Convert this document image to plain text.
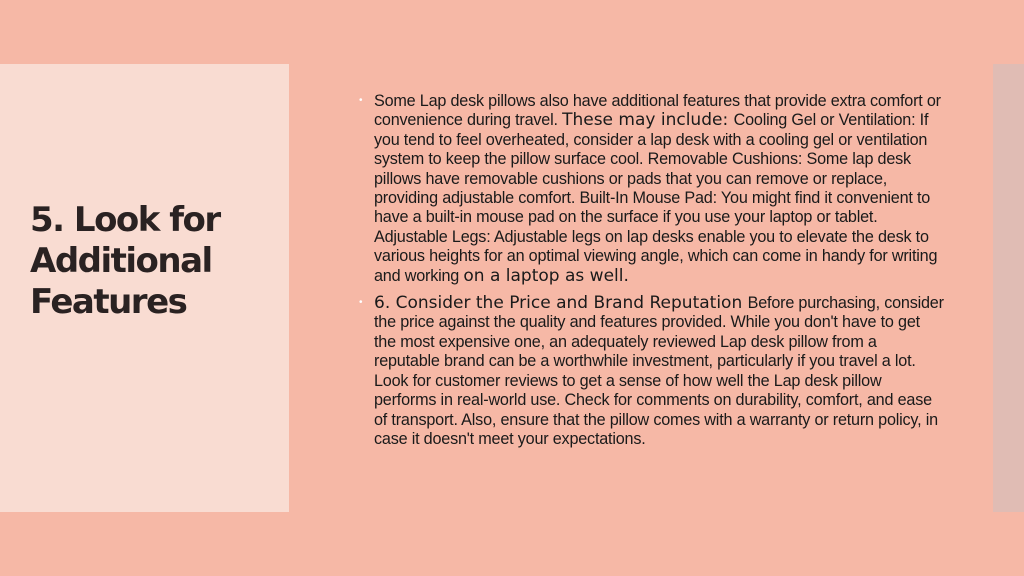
5. Look for
Additional
Features

• Some Lap desk pillows also have additional features that provide extra comfort or convenience during travel. These may include: Cooling Gel or Ventilation: If you tend to feel overheated, consider a lap desk with a cooling gel or ventilation system to keep the pillow surface cool. Removable Cushions: Some lap desk pillows have removable cushions or pads that you can remove or replace, providing adjustable comfort. Built-In Mouse Pad: You might find it convenient to have a built-in mouse pad on the surface if you use your laptop or tablet. Adjustable Legs: Adjustable legs on lap desks enable you to elevate the desk to various heights for an optimal viewing angle, which can come in handy for writing and working on a laptop as well.

• 6. Consider the Price and Brand Reputation Before purchasing, consider the price against the quality and features provided. While you don't have to get the most expensive one, an adequately reviewed Lap desk pillow from a reputable brand can be a worthwhile investment, particularly if you travel a lot. Look for customer reviews to get a sense of how well the Lap desk pillow performs in real-world use. Check for comments on durability, comfort, and ease of transport. Also, ensure that the pillow comes with a warranty or return policy, in case it doesn't meet your expectations.
